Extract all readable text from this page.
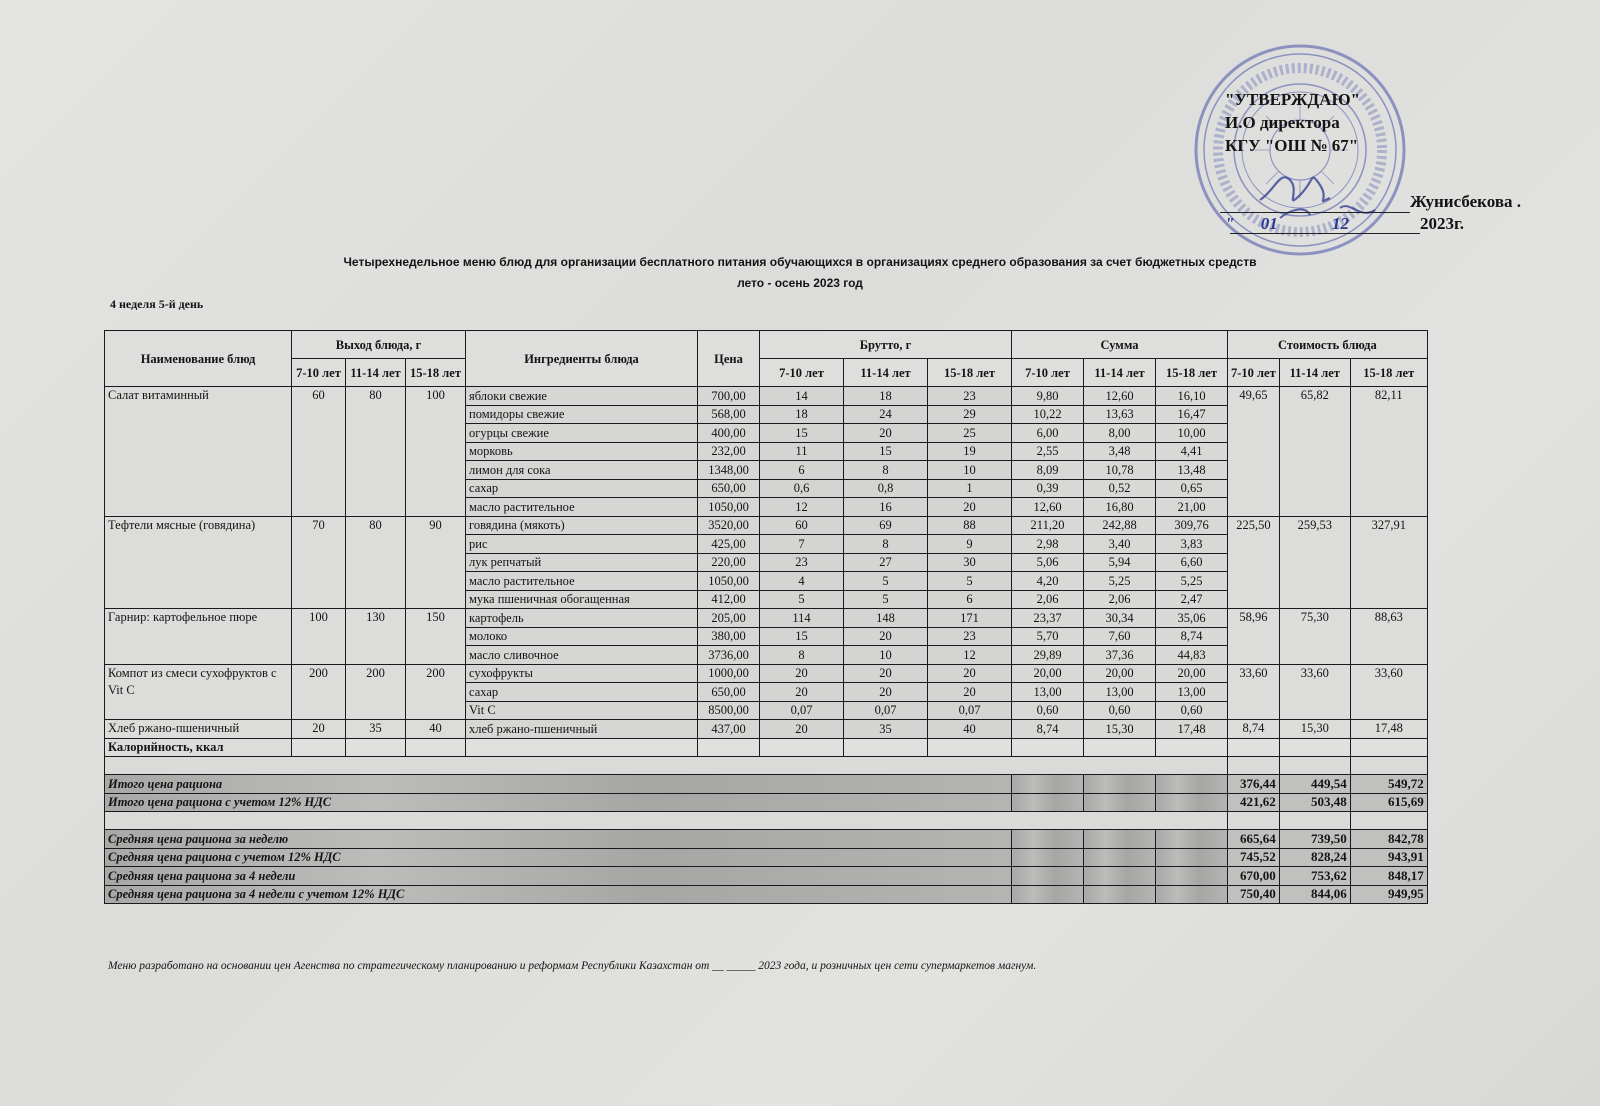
"УТВЕРЖДАЮ"
И.О директора
КГУ "ОШ № 67"
Жунисбекова .
" 01	12	2023г.
Четырехнедельное меню блюд для организации бесплатного питания обучающихся в организациях среднего образования за счет бюджетных средств
лето - осень 2023 год
4 неделя 5-й день
Наименование блюд	Выход блюда, г			Ингредиенты блюда	Цена	Брутто, г			Сумма			Стоимость блюда		
	7-10 лет	11-14 лет	15-18 лет			7-10 лет	11-14 лет	15-18 лет	7-10 лет	11-14 лет	15-18 лет	7-10 лет	11-14 лет	15-18 лет
Салат витаминный	60	80	100	яблоки свежие	700,00	14	18	23	9,80	12,60	16,10	49,65	65,82	82,11
				помидоры свежие	568,00	18	24	29	10,22	13,63	16,47			
				огурцы свежие	400,00	15	20	25	6,00	8,00	10,00			
				морковь	232,00	11	15	19	2,55	3,48	4,41			
				лимон для сока	1348,00	6	8	10	8,09	10,78	13,48			
				сахар	650,00	0,6	0,8	1	0,39	0,52	0,65			
				масло растительное	1050,00	12	16	20	12,60	16,80	21,00			
Тефтели мясные (говядина)	70	80	90	говядина (мякоть)	3520,00	60	69	88	211,20	242,88	309,76	225,50	259,53	327,91
				рис	425,00	7	8	9	2,98	3,40	3,83			
				лук репчатый	220,00	23	27	30	5,06	5,94	6,60			
				масло растительное	1050,00	4	5	5	4,20	5,25	5,25			
				мука пшеничная обогащенная	412,00	5	5	6	2,06	2,06	2,47			
Гарнир: картофельное пюре	100	130	150	картофель	205,00	114	148	171	23,37	30,34	35,06	58,96	75,30	88,63
				молоко	380,00	15	20	23	5,70	7,60	8,74			
				масло сливочное	3736,00	8	10	12	29,89	37,36	44,83			
Компот из смеси сухофруктов с Vit C	200	200	200	сухофрукты	1000,00	20	20	20	20,00	20,00	20,00	33,60	33,60	33,60
				сахар	650,00	20	20	20	13,00	13,00	13,00			
				Vit C	8500,00	0,07	0,07	0,07	0,60	0,60	0,60			
Хлеб ржано-пшеничный	20	35	40	хлеб ржано-пшеничный	437,00	20	35	40	8,74	15,30	17,48	8,74	15,30	17,48
Калорийность, ккал														

Итого цена рациона												376,44	449,54	549,72
Итого цена рациона с учетом 12% НДС												421,62	503,48	615,69

Средняя цена рациона за неделю												665,64	739,50	842,78
Средняя цена рациона с учетом 12% НДС												745,52	828,24	943,91
Средняя цена рациона за 4 недели												670,00	753,62	848,17
Средняя цена рациона за 4 недели с учетом 12% НДС												750,40	844,06	949,95
Меню разработано на основании цен Агенства по стратегическому планированию и реформам Республики Казахстан от __ _____ 2023 года, и розничных цен сети супермаркетов магнум.
